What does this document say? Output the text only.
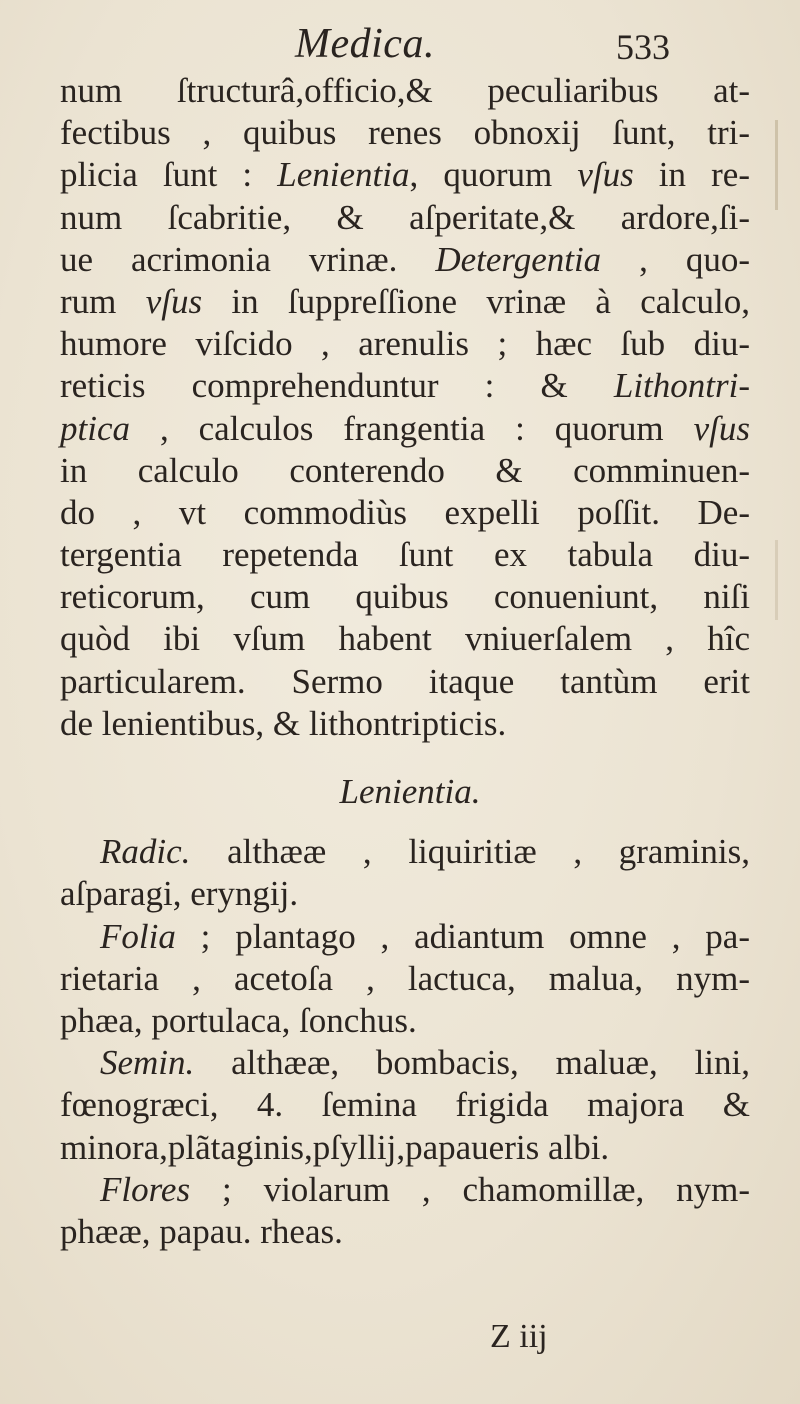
Medica.	533
num ſtructurâ,officio,& peculiaribus at-
fectibus , quibus renes obnoxij ſunt, tri-
plicia ſunt : Lenientia, quorum vſus in re-
num ſcabritie, & aſperitate,& ardore,ſi-
ue acrimonia vrinæ. Detergentia , quo-
rum vſus in ſuppreſſione vrinæ à calculo,
humore viſcido , arenulis ; hæc ſub diu-
reticis comprehenduntur : & Lithontri-
ptica , calculos frangentia : quorum vſus
in calculo conterendo & comminuen-
do , vt commodiùs expelli poſſit. De-
tergentia repetenda ſunt ex tabula diu-
reticorum, cum quibus conueniunt, niſi
quòd ibi vſum habent vniuerſalem , hîc
particularem. Sermo itaque tantùm erit
de lenientibus, & lithontripticis.
Lenientia.
Radic. althææ , liquiritiæ , graminis,
aſparagi, eryngij.
Folia ; plantago , adiantum omne , pa-
rietaria , acetoſa , lactuca, malua, nym-
phæa, portulaca, ſonchus.
Semin. althææ, bombacis, maluæ, lini,
fœnogræci, 4. ſemina frigida majora &
minora,plãtaginis,pſyllij,papaueris albi.
Flores ; violarum , chamomillæ, nym-
phææ, papau. rheas.
Z iij
